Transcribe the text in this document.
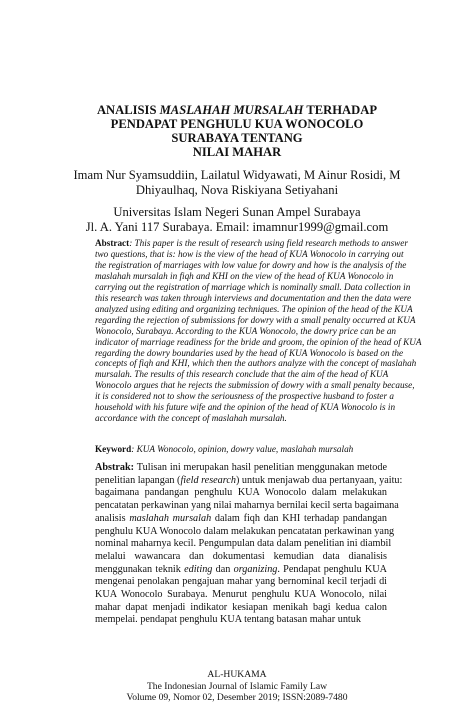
ANALISIS MASLAHAH MURSALAH TERHADAP
PENDAPAT PENGHULU KUA WONOCOLO
SURABAYA TENTANG
NILAI MAHAR
Imam Nur Syamsuddiin, Lailatul Widyawati, M Ainur Rosidi, M
Dhiyaulhaq, Nova Riskiyana Setiyahani
Universitas Islam Negeri Sunan Ampel Surabaya
Jl. A. Yani 117 Surabaya. Email: imamnur1999@gmail.com
Abstract: This paper is the result of research using field research methods to answer
two questions, that is: how is the view of the head of KUA Wonocolo in carrying out
the registration of marriages with low value for dowry and how is the analysis of the
maslahah mursalah in fiqh and KHI on the view of the head of KUA Wonocolo in
carrying out the registration of marriage which is nominally small. Data collection in
this research was taken through interviews and documentation and then the data were
analyzed using editing and organizing techniques. The opinion of the head of the KUA
regarding the rejection of submissions for dowry with a small penalty occurred at KUA
Wonocolo, Surabaya. According to the KUA Wonocolo, the dowry price can be an
indicator of marriage readiness for the bride and groom, the opinion of the head of KUA
regarding the dowry boundaries used by the head of KUA Wonocolo is based on the
concepts of fiqh and KHI, which then the authors analyze with the concept of maslahah
mursalah. The results of this research conclude that the aim of the head of KUA
Wonocolo argues that he rejects the submission of dowry with a small penalty because,
it is considered not to show the seriousness of the prospective husband to foster a
household with his future wife and the opinion of the head of KUA Wonocolo is in
accordance with the concept of maslahah mursalah.
Keyword: KUA Wonocolo, opinion, dowry value, maslahah mursalah
Abstrak: Tulisan ini merupakan hasil penelitian menggunakan metode
penelitian lapangan (field research) untuk menjawab dua pertanyaan, yaitu:
bagaimana pandangan penghulu KUA Wonocolo dalam melakukan
pencatatan perkawinan yang nilai maharnya bernilai kecil serta bagaimana
analisis maslahah mursalah dalam fiqh dan KHI terhadap pandangan
penghulu KUA Wonocolo dalam melakukan pencatatan perkawinan yang
nominal maharnya kecil. Pengumpulan data dalam penelitian ini diambil
melalui wawancara dan dokumentasi kemudian data dianalisis
menggunakan teknik editing dan organizing. Pendapat penghulu KUA
mengenai penolakan pengajuan mahar yang bernominal kecil terjadi di
KUA Wonocolo Surabaya. Menurut penghulu KUA Wonocolo, nilai
mahar dapat menjadi indikator kesiapan menikah bagi kedua calon
mempelai. pendapat penghulu KUA tentang batasan mahar untuk
AL-HUKAMA
The Indonesian Journal of Islamic Family Law
Volume 09, Nomor 02, Desember 2019; ISSN:2089-7480
